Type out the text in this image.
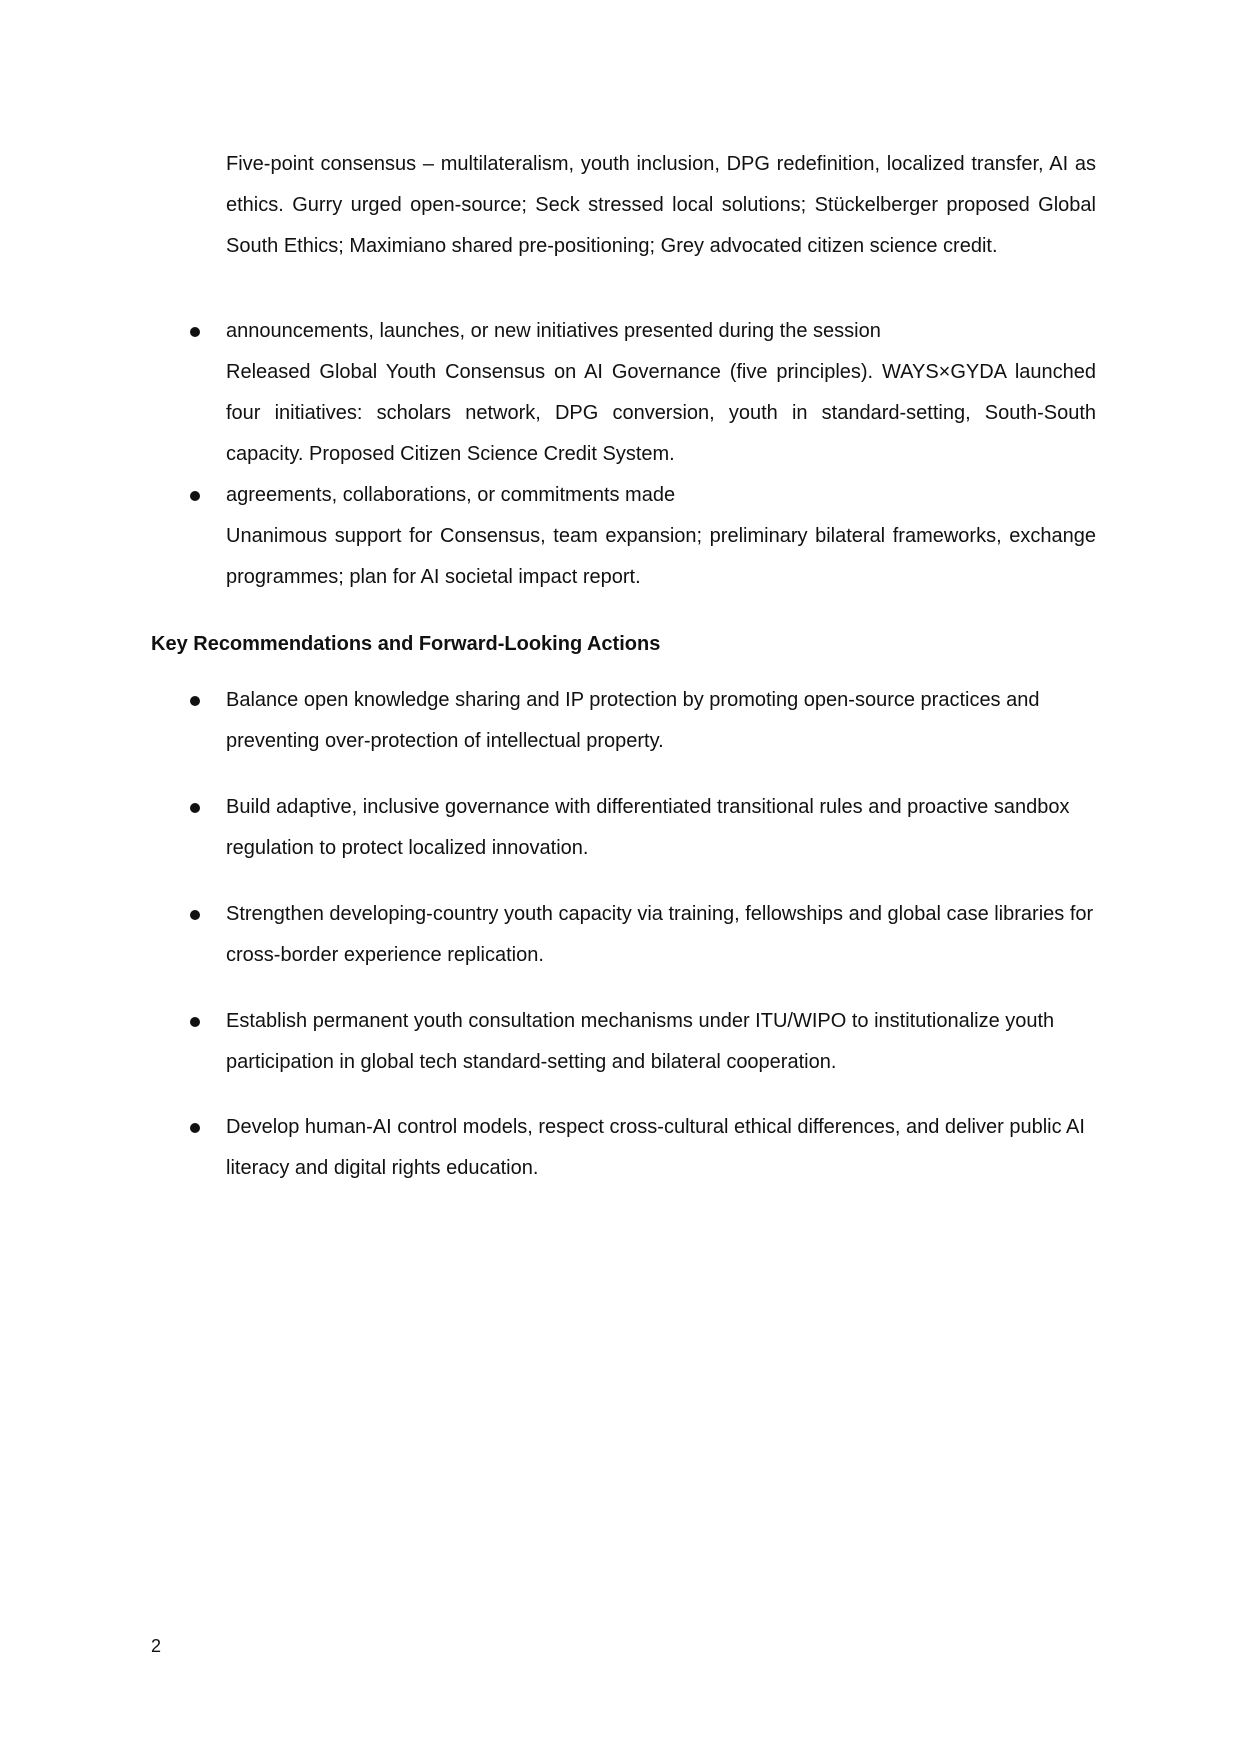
Five-point consensus – multilateralism, youth inclusion, DPG redefinition, localized transfer, AI as ethics. Gurry urged open-source; Seck stressed local solutions; Stückelberger proposed Global South Ethics; Maximiano shared pre-positioning; Grey advocated citizen science credit.

announcements, launches, or new initiatives presented during the session

Released Global Youth Consensus on AI Governance (five principles). WAYS×GYDA launched four initiatives: scholars network, DPG conversion, youth in standard-setting, South-South capacity. Proposed Citizen Science Credit System.

agreements, collaborations, or commitments made

Unanimous support for Consensus, team expansion; preliminary bilateral frameworks, exchange programmes; plan for AI societal impact report.

Key Recommendations and Forward-Looking Actions

Balance open knowledge sharing and IP protection by promoting open-source practices and preventing over-protection of intellectual property.

Build adaptive, inclusive governance with differentiated transitional rules and proactive sandbox regulation to protect localized innovation.

Strengthen developing-country youth capacity via training, fellowships and global case libraries for cross-border experience replication.

Establish permanent youth consultation mechanisms under ITU/WIPO to institutionalize youth participation in global tech standard-setting and bilateral cooperation.

Develop human-AI control models, respect cross-cultural ethical differences, and deliver public AI literacy and digital rights education.

2
